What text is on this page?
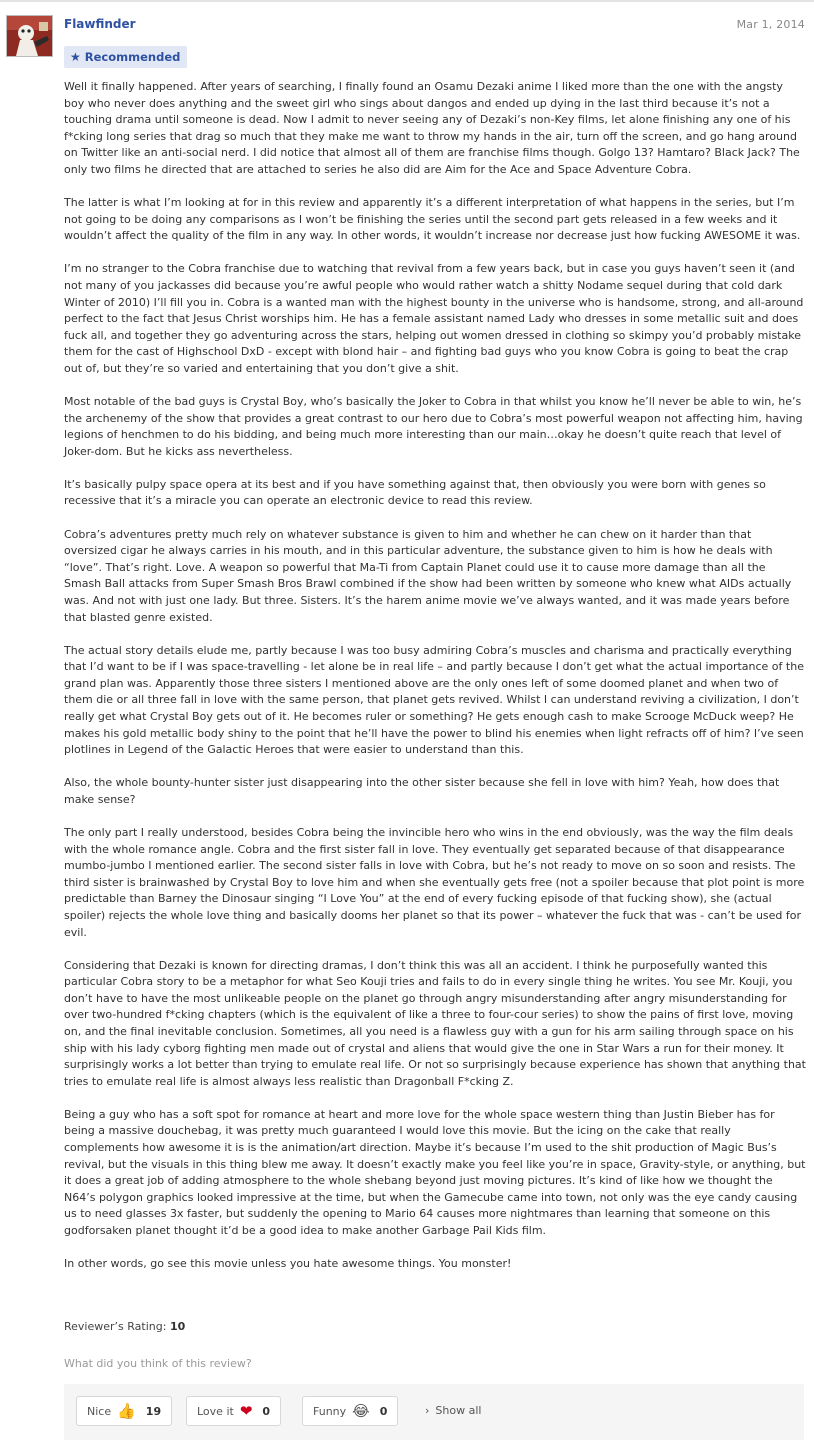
Flawfinder	Mar 1, 2014
★ Recommended

Well it finally happened. After years of searching, I finally found an Osamu Dezaki anime I liked more than the one with the angsty boy who never does anything and the sweet girl who sings about dangos and ended up dying in the last third because it’s not a touching drama until someone is dead. Now I admit to never seeing any of Dezaki’s non-Key films, let alone finishing any one of his f*cking long series that drag so much that they make me want to throw my hands in the air, turn off the screen, and go hang around on Twitter like an anti-social nerd. I did notice that almost all of them are franchise films though. Golgo 13? Hamtaro? Black Jack? The only two films he directed that are attached to series he also did are Aim for the Ace and Space Adventure Cobra.

The latter is what I’m looking at for in this review and apparently it’s a different interpretation of what happens in the series, but I’m not going to be doing any comparisons as I won’t be finishing the series until the second part gets released in a few weeks and it wouldn’t affect the quality of the film in any way. In other words, it wouldn’t increase nor decrease just how fucking AWESOME it was.

I’m no stranger to the Cobra franchise due to watching that revival from a few years back, but in case you guys haven’t seen it (and not many of you jackasses did because you’re awful people who would rather watch a shitty Nodame sequel during that cold dark Winter of 2010) I’ll fill you in. Cobra is a wanted man with the highest bounty in the universe who is handsome, strong, and all-around perfect to the fact that Jesus Christ worships him. He has a female assistant named Lady who dresses in some metallic suit and does fuck all, and together they go adventuring across the stars, helping out women dressed in clothing so skimpy you’d probably mistake them for the cast of Highschool DxD - except with blond hair – and fighting bad guys who you know Cobra is going to beat the crap out of, but they’re so varied and entertaining that you don’t give a shit.

Most notable of the bad guys is Crystal Boy, who’s basically the Joker to Cobra in that whilst you know he’ll never be able to win, he’s the archenemy of the show that provides a great contrast to our hero due to Cobra’s most powerful weapon not affecting him, having legions of henchmen to do his bidding, and being much more interesting than our main…okay he doesn’t quite reach that level of Joker-dom. But he kicks ass nevertheless.

It’s basically pulpy space opera at its best and if you have something against that, then obviously you were born with genes so recessive that it’s a miracle you can operate an electronic device to read this review.

Cobra’s adventures pretty much rely on whatever substance is given to him and whether he can chew on it harder than that oversized cigar he always carries in his mouth, and in this particular adventure, the substance given to him is how he deals with “love”. That’s right. Love. A weapon so powerful that Ma-Ti from Captain Planet could use it to cause more damage than all the Smash Ball attacks from Super Smash Bros Brawl combined if the show had been written by someone who knew what AIDs actually was. And not with just one lady. But three. Sisters. It’s the harem anime movie we’ve always wanted, and it was made years before that blasted genre existed.

The actual story details elude me, partly because I was too busy admiring Cobra’s muscles and charisma and practically everything that I’d want to be if I was space-travelling - let alone be in real life – and partly because I don’t get what the actual importance of the grand plan was. Apparently those three sisters I mentioned above are the only ones left of some doomed planet and when two of them die or all three fall in love with the same person, that planet gets revived. Whilst I can understand reviving a civilization, I don’t really get what Crystal Boy gets out of it. He becomes ruler or something? He gets enough cash to make Scrooge McDuck weep? He makes his gold metallic body shiny to the point that he’ll have the power to blind his enemies when light refracts off of him? I’ve seen plotlines in Legend of the Galactic Heroes that were easier to understand than this.

Also, the whole bounty-hunter sister just disappearing into the other sister because she fell in love with him? Yeah, how does that make sense?

The only part I really understood, besides Cobra being the invincible hero who wins in the end obviously, was the way the film deals with the whole romance angle. Cobra and the first sister fall in love. They eventually get separated because of that disappearance mumbo-jumbo I mentioned earlier. The second sister falls in love with Cobra, but he’s not ready to move on so soon and resists. The third sister is brainwashed by Crystal Boy to love him and when she eventually gets free (not a spoiler because that plot point is more predictable than Barney the Dinosaur singing “I Love You” at the end of every fucking episode of that fucking show), she (actual spoiler) rejects the whole love thing and basically dooms her planet so that its power – whatever the fuck that was - can’t be used for evil.

Considering that Dezaki is known for directing dramas, I don’t think this was all an accident. I think he purposefully wanted this particular Cobra story to be a metaphor for what Seo Kouji tries and fails to do in every single thing he writes. You see Mr. Kouji, you don’t have to have the most unlikeable people on the planet go through angry misunderstanding after angry misunderstanding for over two-hundred f*cking chapters (which is the equivalent of like a three to four-cour series) to show the pains of first love, moving on, and the final inevitable conclusion. Sometimes, all you need is a flawless guy with a gun for his arm sailing through space on his ship with his lady cyborg fighting men made out of crystal and aliens that would give the one in Star Wars a run for their money. It surprisingly works a lot better than trying to emulate real life. Or not so surprisingly because experience has shown that anything that tries to emulate real life is almost always less realistic than Dragonball F*cking Z.

Being a guy who has a soft spot for romance at heart and more love for the whole space western thing than Justin Bieber has for being a massive douchebag, it was pretty much guaranteed I would love this movie. But the icing on the cake that really complements how awesome it is is the animation/art direction. Maybe it’s because I’m used to the shit production of Magic Bus’s revival, but the visuals in this thing blew me away. It doesn’t exactly make you feel like you’re in space, Gravity-style, or anything, but it does a great job of adding atmosphere to the whole shebang beyond just moving pictures. It’s kind of like how we thought the N64’s polygon graphics looked impressive at the time, but when the Gamecube came into town, not only was the eye candy causing us to need glasses 3x faster, but suddenly the opening to Mario 64 causes more nightmares than learning that someone on this godforsaken planet thought it’d be a good idea to make another Garbage Pail Kids film.

In other words, go see this movie unless you hate awesome things. You monster!

Reviewer’s Rating: 10
What did you think of this review?
Nice 👍 19	Love it ❤ 0	Funny 😂 0	› Show all
